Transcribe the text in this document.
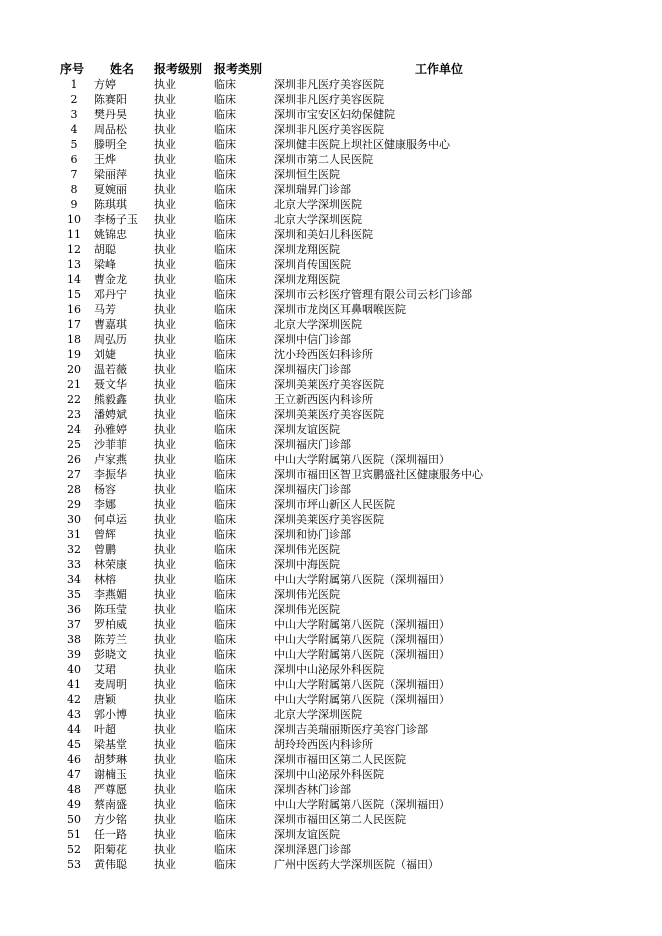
序号	姓名	报考级别	报考类别	工作单位
1	方婷	执业	临床	深圳非凡医疗美容医院
2	陈赛阳	执业	临床	深圳非凡医疗美容医院
3	樊丹昊	执业	临床	深圳市宝安区妇幼保健院
4	周品松	执业	临床	深圳非凡医疗美容医院
5	滕明全	执业	临床	深圳健丰医院上坝社区健康服务中心
6	王烨	执业	临床	深圳市第二人民医院
7	梁丽萍	执业	临床	深圳恒生医院
8	夏婉丽	执业	临床	深圳瑞昇门诊部
9	陈琪琪	执业	临床	北京大学深圳医院
10	李杨子玉	执业	临床	北京大学深圳医院
11	姚锦忠	执业	临床	深圳和美妇儿科医院
12	胡聪	执业	临床	深圳龙翔医院
13	梁峰	执业	临床	深圳肖传国医院
14	曹金龙	执业	临床	深圳龙翔医院
15	邓丹宁	执业	临床	深圳市云杉医疗管理有限公司云杉门诊部
16	马芳	执业	临床	深圳市龙岗区耳鼻咽喉医院
17	曹嘉琪	执业	临床	北京大学深圳医院
18	周弘历	执业	临床	深圳中信门诊部
19	刘婕	执业	临床	沈小玲西医妇科诊所
20	温若薇	执业	临床	深圳福庆门诊部
21	聂文华	执业	临床	深圳美莱医疗美容医院
22	熊毅鑫	执业	临床	王立新西医内科诊所
23	潘娉斌	执业	临床	深圳美莱医疗美容医院
24	孙雅婷	执业	临床	深圳友谊医院
25	沙菲菲	执业	临床	深圳福庆门诊部
26	卢家燕	执业	临床	中山大学附属第八医院（深圳福田）
27	李振华	执业	临床	深圳市福田区智卫宾鹏盛社区健康服务中心
28	杨容	执业	临床	深圳福庆门诊部
29	李娜	执业	临床	深圳市坪山新区人民医院
30	何卓运	执业	临床	深圳美莱医疗美容医院
31	曾辉	执业	临床	深圳和协门诊部
32	曾鹏	执业	临床	深圳伟光医院
33	林荣康	执业	临床	深圳中海医院
34	林榕	执业	临床	中山大学附属第八医院（深圳福田）
35	李燕媚	执业	临床	深圳伟光医院
36	陈珏莹	执业	临床	深圳伟光医院
37	罗柏威	执业	临床	中山大学附属第八医院（深圳福田）
38	陈芳兰	执业	临床	中山大学附属第八医院（深圳福田）
39	彭晓文	执业	临床	中山大学附属第八医院（深圳福田）
40	艾珺	执业	临床	深圳中山泌尿外科医院
41	麦周明	执业	临床	中山大学附属第八医院（深圳福田）
42	唐颖	执业	临床	中山大学附属第八医院（深圳福田）
43	郭小博	执业	临床	北京大学深圳医院
44	叶超	执业	临床	深圳吉美瑞丽斯医疗美容门诊部
45	梁基堂	执业	临床	胡玲玲西医内科诊所
46	胡梦琳	执业	临床	深圳市福田区第二人民医院
47	谢楠玉	执业	临床	深圳中山泌尿外科医院
48	严尊愿	执业	临床	深圳杏林门诊部
49	蔡南盛	执业	临床	中山大学附属第八医院（深圳福田）
50	方少铭	执业	临床	深圳市福田区第二人民医院
51	任一路	执业	临床	深圳友谊医院
52	阳菊花	执业	临床	深圳泽恩门诊部
53	黄伟聪	执业	临床	广州中医药大学深圳医院（福田）
